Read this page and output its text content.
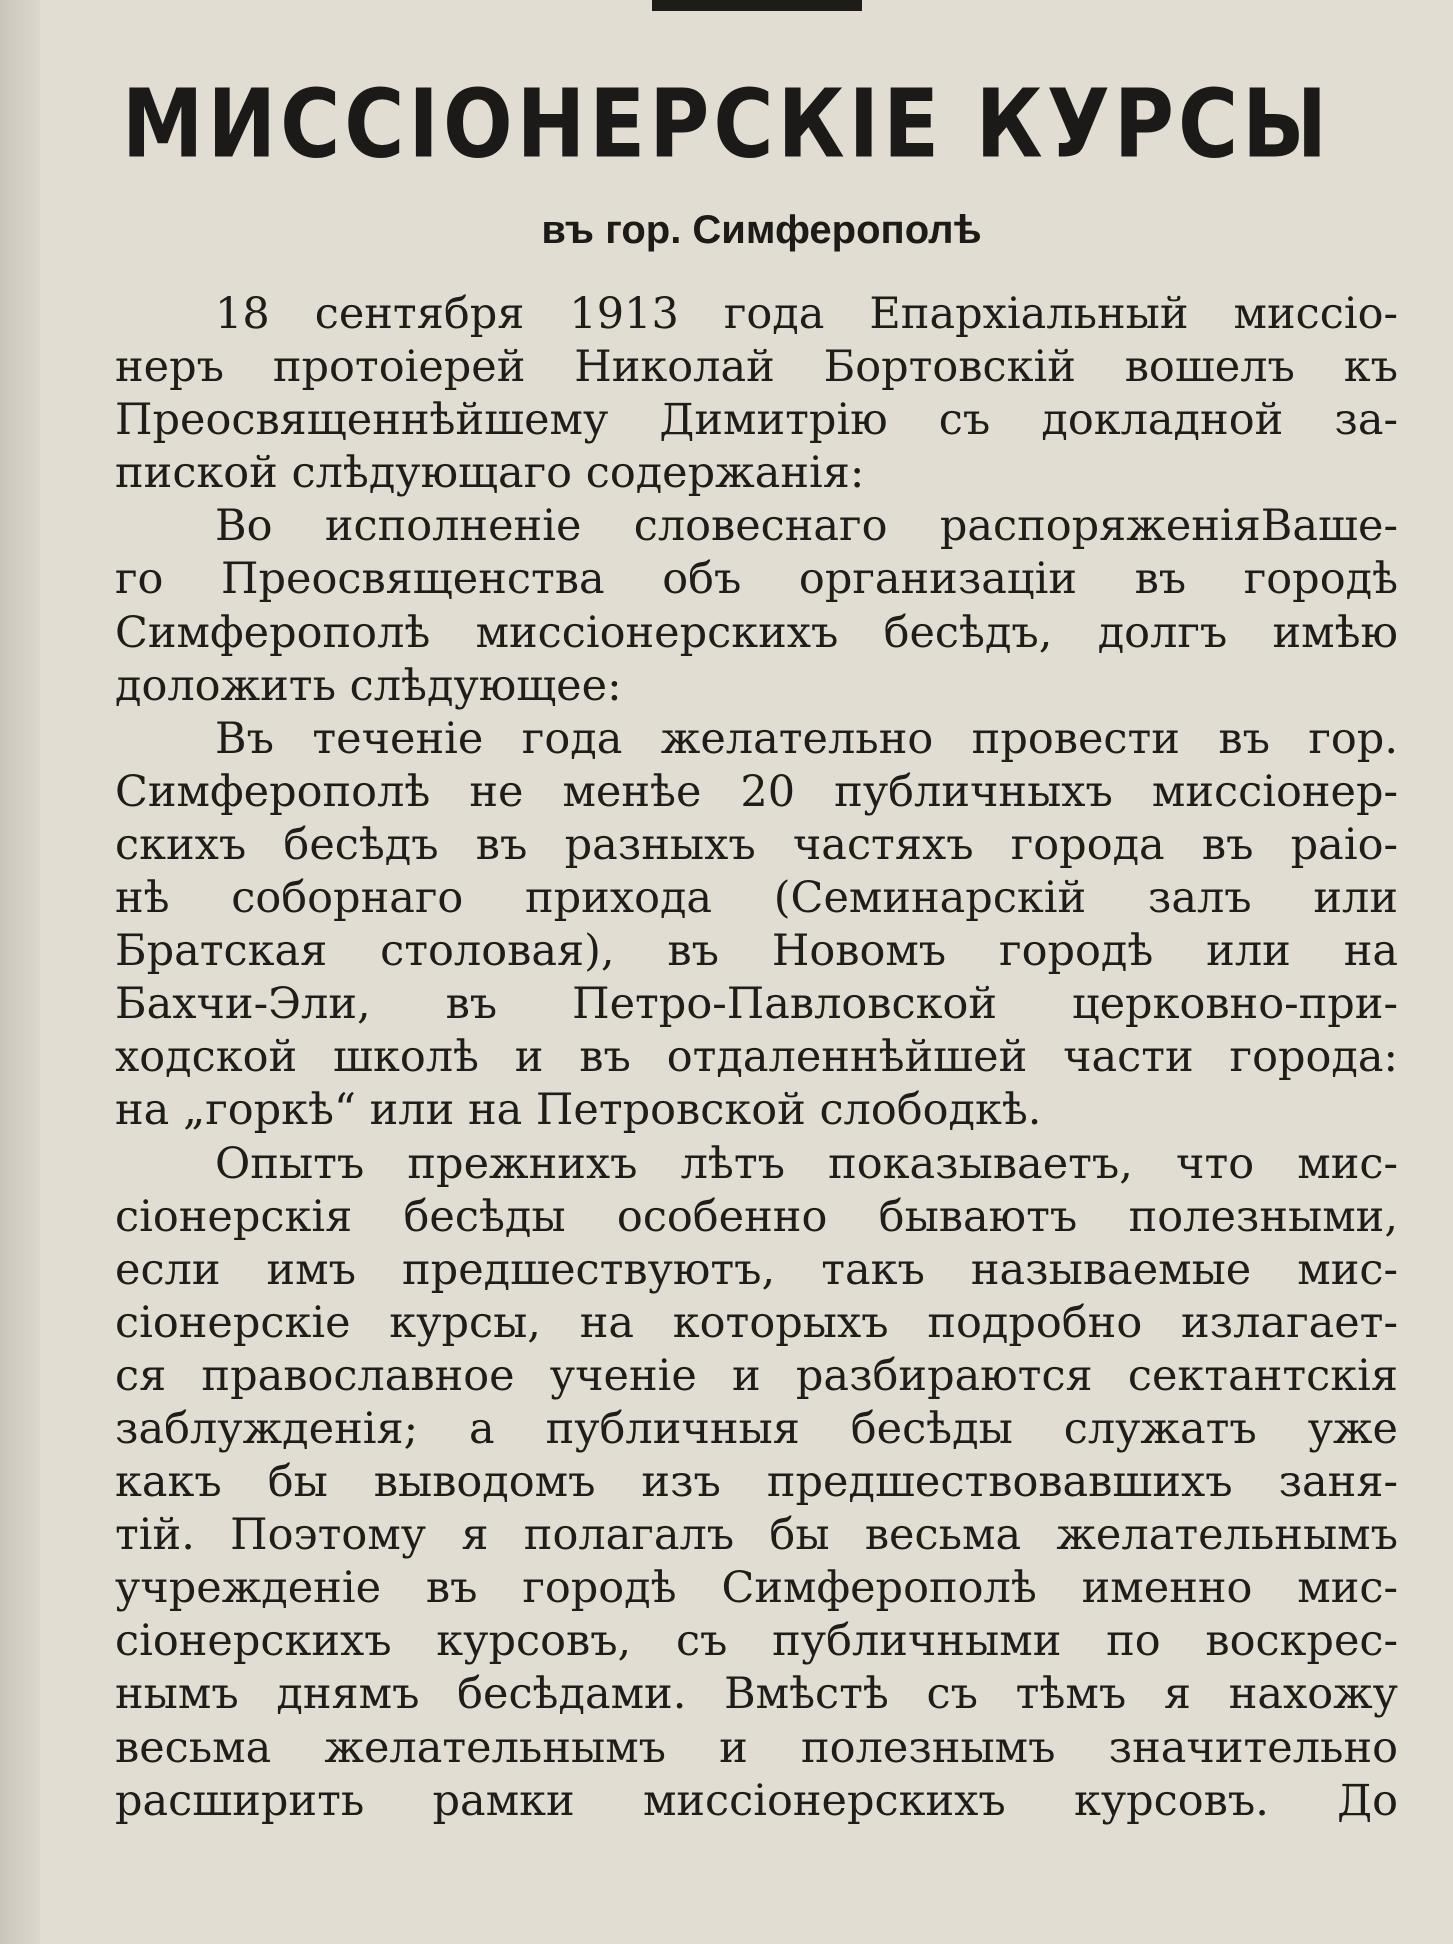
МИССІОНЕРСКІЕ КУРСЫ
въ гор. Симферополѣ
18 сентября 1913 года Епархіальный миссіо-
неръ протоіерей Николай Бортовскій вошелъ къ
Преосвященнѣйшему Димитрію съ докладной за-
пиской слѣдующаго содержанія:
Во исполненіе словеснаго распоряженіяВаше-
го Преосвященства объ организаціи въ городѣ
Симферополѣ миссіонерскихъ бесѣдъ, долгъ имѣю
доложить слѣдующее:
Въ теченіе года желательно провести въ гор.
Симферополѣ не менѣе 20 публичныхъ миссіонер-
скихъ бесѣдъ въ разныхъ частяхъ города въ раіо-
нѣ соборнаго прихода (Семинарскій залъ или
Братская столовая), въ Новомъ городѣ или на
Бахчи-Эли, въ Петро-Павловской церковно-при-
ходской школѣ и въ отдаленнѣйшей части города:
на „горкѣ“ или на Петровской слободкѣ.
Опытъ прежнихъ лѣтъ показываетъ, что мис-
сіонерскія бесѣды особенно бываютъ полезными,
если имъ предшествуютъ, такъ называемые мис-
сіонерскіе курсы, на которыхъ подробно излагает-
ся православное ученіе и разбираются сектантскія
заблужденія; а публичныя бесѣды служатъ уже
какъ бы выводомъ изъ предшествовавшихъ заня-
тій. Поэтому я полагалъ бы весьма желательнымъ
учрежденіе въ городѣ Симферополѣ именно мис-
сіонерскихъ курсовъ, съ публичными по воскрес-
нымъ днямъ бесѣдами. Вмѣстѣ съ тѣмъ я нахожу
весьма желательнымъ и полезнымъ значительно
расширить рамки миссіонерскихъ курсовъ. До
